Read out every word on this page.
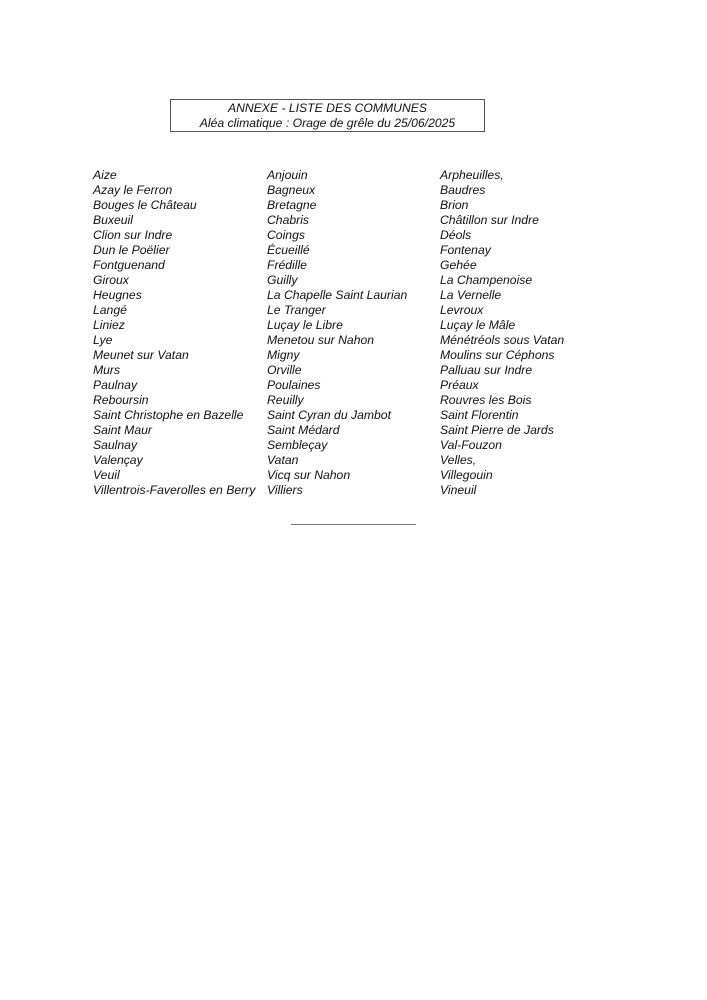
ANNEXE - LISTE DES COMMUNES
Aléa climatique : Orage de grêle du 25/06/2025
Aize
Azay le Ferron
Bouges le Château
Buxeuil
Clion sur Indre
Dun le Poëlier
Fontguenand
Giroux
Heugnes
Langé
Liniez
Lye
Meunet sur Vatan
Murs
Paulnay
Reboursin
Saint Christophe en Bazelle
Saint Maur
Saulnay
Valençay
Veuil
Villentrois-Faverolles en Berry
Anjouin
Bagneux
Bretagne
Chabris
Coings
Écueillé
Frédille
Guilly
La Chapelle Saint Laurian
Le Tranger
Luçay le Libre
Menetou sur Nahon
Migny
Orville
Poulaines
Reuilly
Saint Cyran du Jambot
Saint Médard
Sembleçay
Vatan
Vicq sur Nahon
Villiers
Arpheuilles,
Baudres
Brion
Châtillon sur Indre
Déols
Fontenay
Gehée
La Champenoise
La Vernelle
Levroux
Luçay le Mâle
Ménétréols sous Vatan
Moulins sur Céphons
Palluau sur Indre
Préaux
Rouvres les Bois
Saint Florentin
Saint Pierre de Jards
Val-Fouzon
Velles,
Villegouin
Vineuil
